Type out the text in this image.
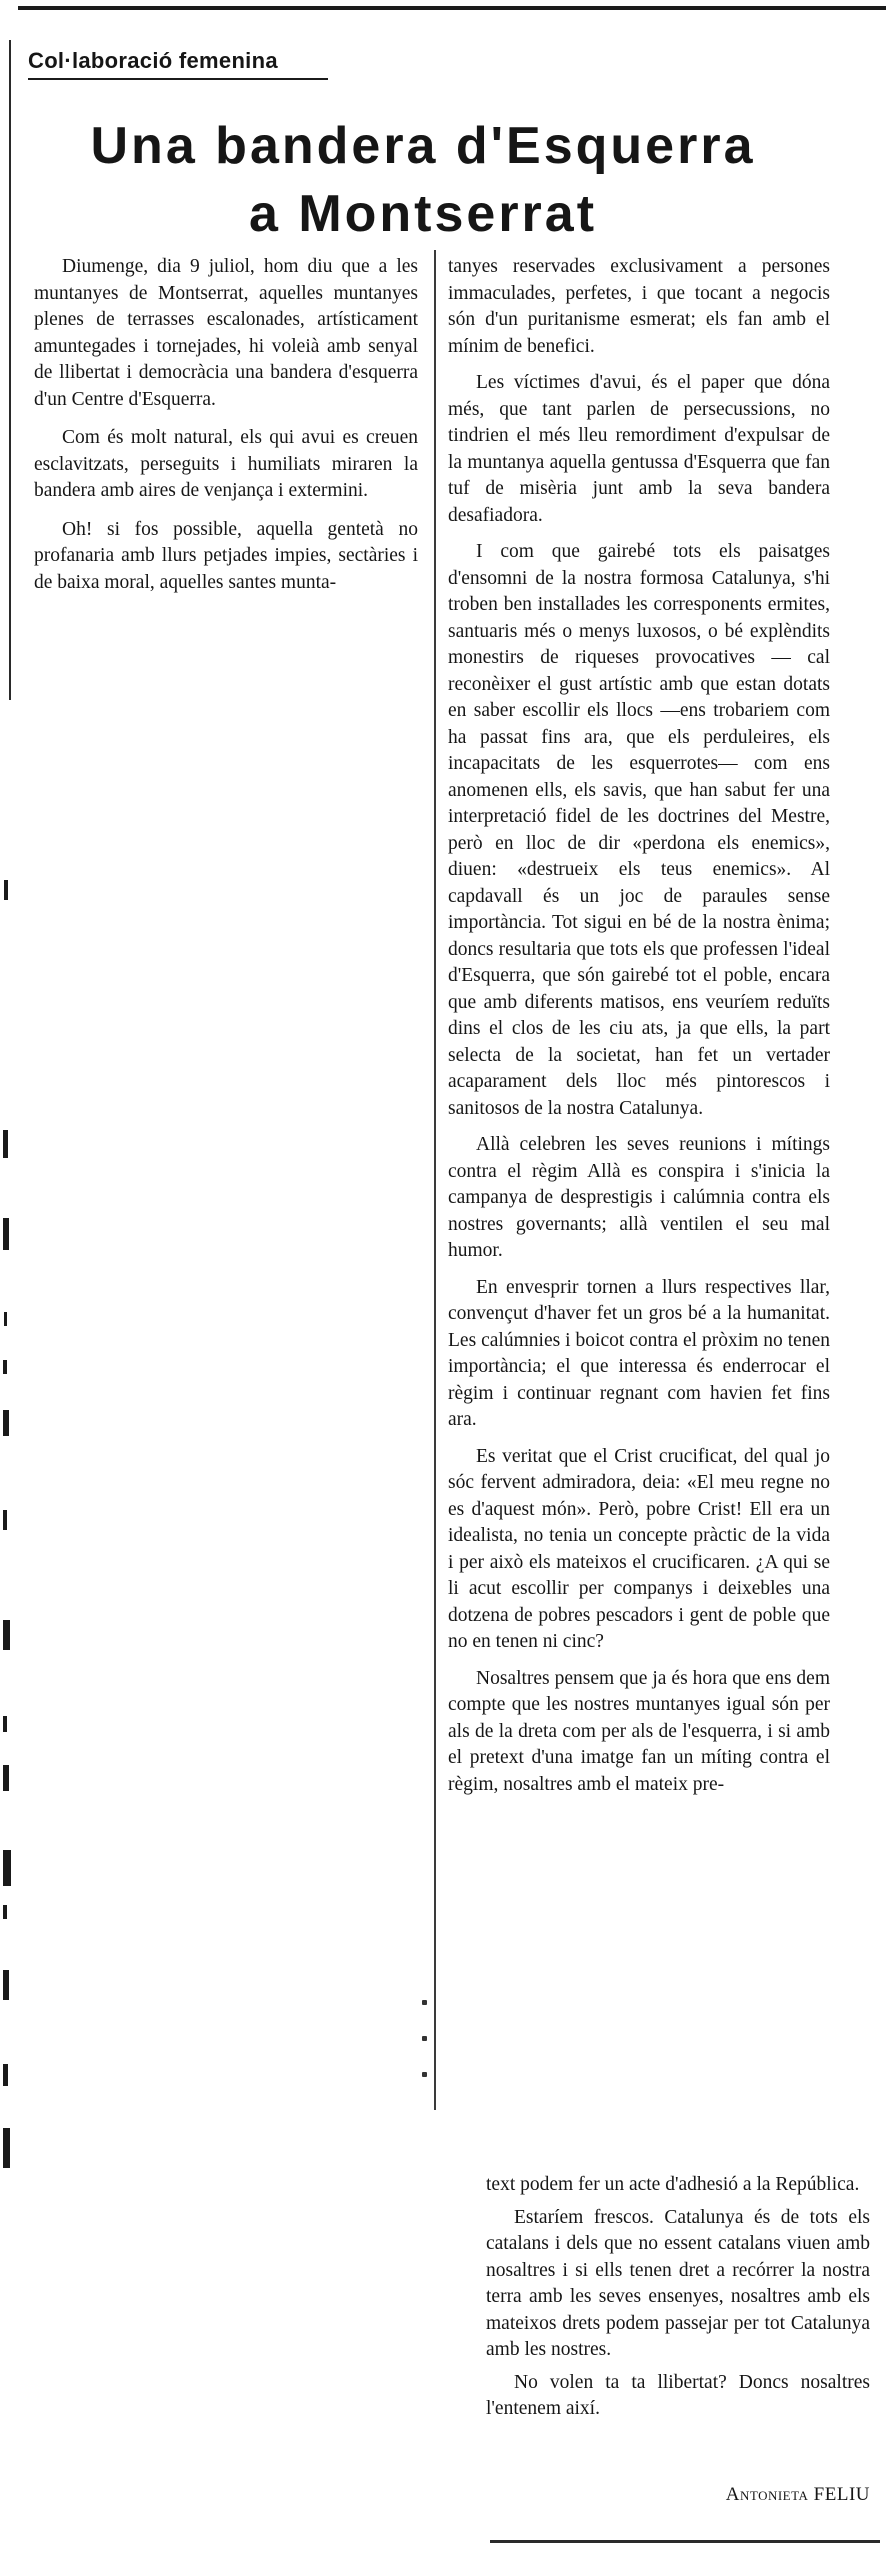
Col·laboració femenina
Una bandera d'Esquerra
a Montserrat

Diumenge, dia 9 juliol, hom diu que a les muntanyes de Montserrat, aquelles muntanyes plenes de terrasses escalonades, artísticament amuntegades i tornejades, hi voleià amb senyal de llibertat i democràcia una bandera d'esquerra d'un Centre d'Esquerra.

Com és molt natural, els qui avui es creuen esclavitzats, perseguits i humiliats miraren la bandera amb aires de venjança i extermini.

Oh! si fos possible, aquella gentetà no profanaria amb llurs petjades impies, sectàries i de baixa moral, aquelles santes munta-

tanyes reservades exclusivament a persones immaculades, perfetes, i que tocant a negocis són d'un puritanisme esmerat; els fan amb el mínim de benefici.

Les víctimes d'avui, és el paper que dóna més, que tant parlen de persecussions, no tindrien el més lleu remordiment d'expulsar de la muntanya aquella gentussa d'Esquerra que fan tuf de misèria junt amb la seva bandera desafiadora.

I com que gairebé tots els paisatges d'ensomni de la nostra formosa Catalunya, s'hi troben ben installades les corresponents ermites, santuaris més o menys luxosos, o bé explèndits monestirs de riqueses provocatives — cal reconèixer el gust artístic amb que estan dotats en saber escollir els llocs —ens trobariem com ha passat fins ara, que els perduleires, els incapacitats de les esquerrotes— com ens anomenen ells, els savis, que han sabut fer una interpretació fidel de les doctrines del Mestre, però en lloc de dir «perdona els enemics», diuen: «destrueix els teus enemics». Al capdavall és un joc de paraules sense importància. Tot sigui en bé de la nostra ènima; doncs resultaria que tots els que professen l'ideal d'Esquerra, que són gairebé tot el poble, encara que amb diferents matisos, ens veuríem reduïts dins el clos de les ciu ats, ja que ells, la part selecta de la societat, han fet un vertader acaparament dels lloc més pintorescos i sanitosos de la nostra Catalunya.

Allà celebren les seves reunions i mítings contra el règim Allà es conspira i s'inicia la campanya de desprestigis i calúmnia contra els nostres governants; allà ventilen el seu mal humor.

En envesprir tornen a llurs respectives llar, convençut d'haver fet un gros bé a la humanitat. Les calúmnies i boicot contra el pròxim no tenen importància; el que interessa és enderrocar el règim i continuar regnant com havien fet fins ara.

Es veritat que el Crist crucificat, del qual jo sóc fervent admiradora, deia: «El meu regne no es d'aquest món». Però, pobre Crist! Ell era un idealista, no tenia un concepte pràctic de la vida i per això els mateixos el crucificaren. ¿A qui se li acut escollir per companys i deixebles una dotzena de pobres pescadors i gent de poble que no en tenen ni cinc?

Nosaltres pensem que ja és hora que ens dem compte que les nostres muntanyes igual són per als de la dreta com per als de l'esquerra, i si amb el pretext d'una imatge fan un míting contra el règim, nosaltres amb el mateix pre-

text podem fer un acte d'adhesió a la República.

Estaríem frescos. Catalunya és de tots els catalans i dels que no essent catalans viuen amb nosaltres i si ells tenen dret a recórrer la nostra terra amb les seves ensenyes, nosaltres amb els mateixos drets podem passejar per tot Catalunya amb les nostres.

No volen ta ta llibertat? Doncs nosaltres l'entenem així.

Antonieta FELIU
